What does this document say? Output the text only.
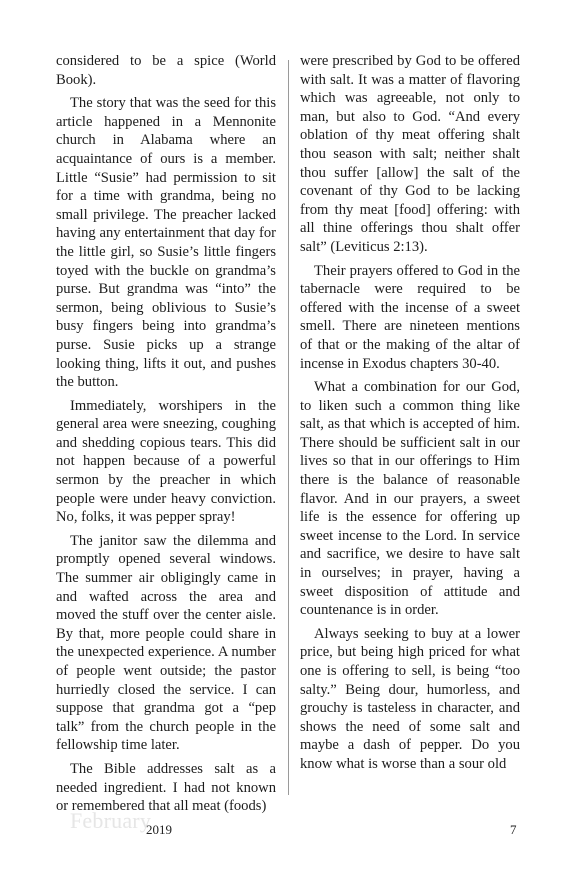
considered to be a spice (World Book).

The story that was the seed for this article happened in a Mennonite church in Alabama where an acquaintance of ours is a member. Little “Susie” had permission to sit for a time with grandma, being no small privilege. The preacher lacked having any entertainment that day for the little girl, so Susie’s little fingers toyed with the buckle on grandma’s purse. But grandma was “into” the sermon, being oblivious to Susie’s busy fingers being into grandma’s purse. Susie picks up a strange looking thing, lifts it out, and pushes the button.

Immediately, worshipers in the general area were sneezing, coughing and shedding copious tears. This did not happen because of a powerful sermon by the preacher in which people were under heavy conviction. No, folks, it was pepper spray!

The janitor saw the dilemma and promptly opened several windows. The summer air obligingly came in and wafted across the area and moved the stuff over the center aisle. By that, more people could share in the unexpected experience. A number of people went outside; the pastor hurriedly closed the service. I can suppose that grandma got a “pep talk” from the church people in the fellowship time later.

The Bible addresses salt as a needed ingredient. I had not known or remembered that all meat (foods)

were prescribed by God to be offered with salt. It was a matter of flavoring which was agreeable, not only to man, but also to God. “And every oblation of thy meat offering shalt thou season with salt; neither shalt thou suffer [allow] the salt of the covenant of thy God to be lacking from thy meat [food] offering: with all thine offerings thou shalt offer salt” (Leviticus 2:13).

Their prayers offered to God in the tabernacle were required to be offered with the incense of a sweet smell. There are nineteen mentions of that or the making of the altar of incense in Exodus chapters 30-40.

What a combination for our God, to liken such a common thing like salt, as that which is accepted of him. There should be sufficient salt in our lives so that in our offerings to Him there is the balance of reasonable flavor. And in our prayers, a sweet life is the essence for offering up sweet incense to the Lord. In service and sacrifice, we desire to have salt in ourselves; in prayer, having a sweet disposition of attitude and countenance is in order.

Always seeking to buy at a lower price, but being high priced for what one is offering to sell, is being “too salty.” Being dour, humorless, and grouchy is tasteless in character, and shows the need of some salt and maybe a dash of pepper. Do you know what is worse than a sour old

February
2019	7
